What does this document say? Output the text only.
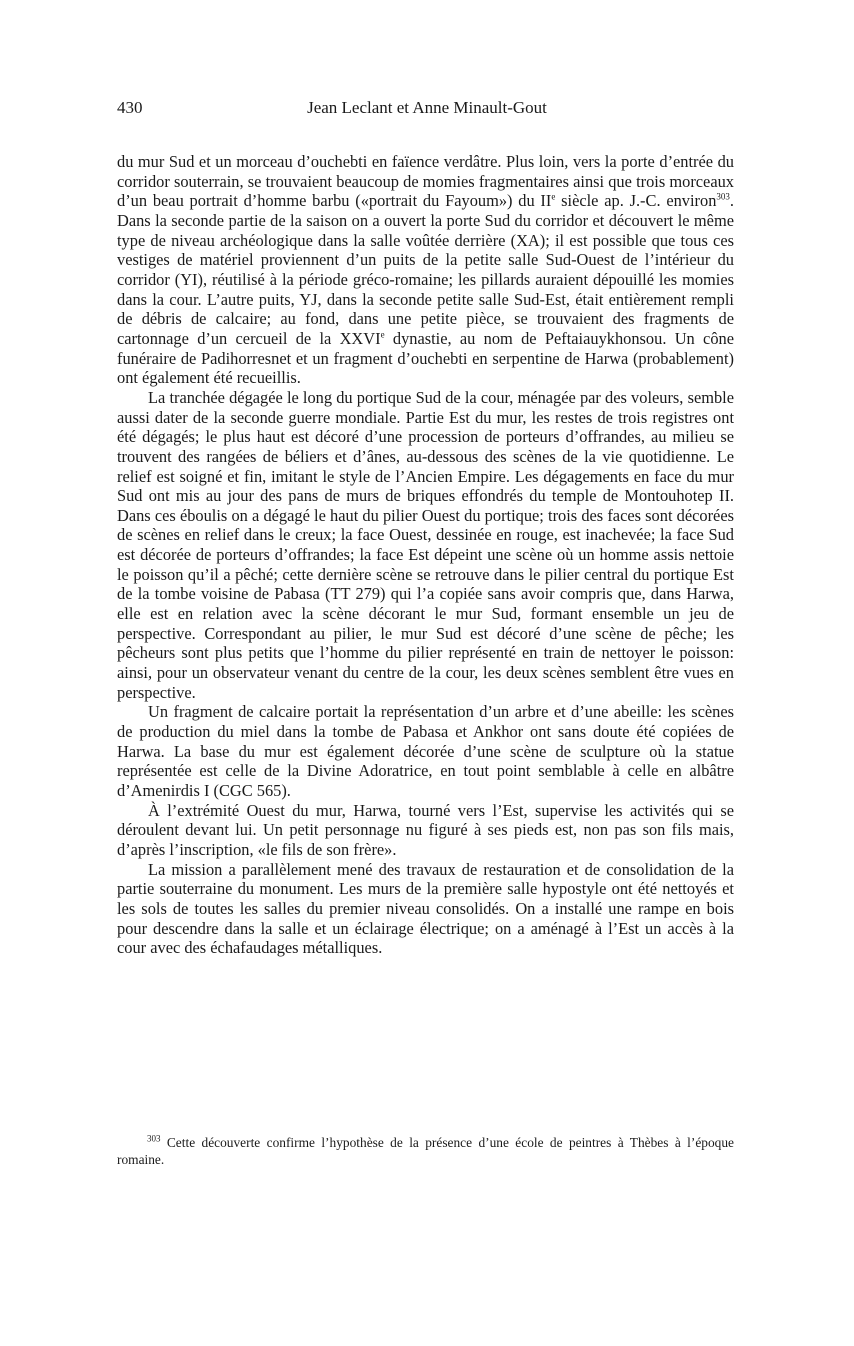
430	Jean Leclant et Anne Minault-Gout

du mur Sud et un morceau d’ouchebti en faïence verdâtre. Plus loin, vers la porte d’entrée du corridor souterrain, se trouvaient beaucoup de momies fragmentaires ainsi que trois morceaux d’un beau portrait d’homme barbu («portrait du Fayoum») du IIe siècle ap. J.-C. environ$^{303}$. Dans la seconde partie de la saison on a ouvert la porte Sud du corridor et découvert le même type de niveau archéologique dans la salle voûtée derrière (XA); il est possible que tous ces vestiges de matériel proviennent d’un puits de la petite salle Sud-Ouest de l’intérieur du corridor (YI), réutilisé à la période gréco-romaine; les pillards auraient dépouillé les momies dans la cour. L’autre puits, YJ, dans la seconde petite salle Sud-Est, était entièrement rempli de débris de calcaire; au fond, dans une petite pièce, se trouvaient des fragments de cartonnage d’un cercueil de la XXVIe dynastie, au nom de Peftaiauykhonsou. Un cône funéraire de Padihorresnet et un fragment d’ouchebti en serpentine de Harwa (probablement) ont également été recueillis.

La tranchée dégagée le long du portique Sud de la cour, ménagée par des voleurs, semble aussi dater de la seconde guerre mondiale. Partie Est du mur, les restes de trois registres ont été dégagés; le plus haut est décoré d’une procession de porteurs d’offrandes, au milieu se trouvent des rangées de béliers et d’ânes, au-dessous des scènes de la vie quotidienne. Le relief est soigné et fin, imitant le style de l’Ancien Empire. Les dégagements en face du mur Sud ont mis au jour des pans de murs de briques effondrés du temple de Montouhotep II. Dans ces éboulis on a dégagé le haut du pilier Ouest du portique; trois des faces sont décorées de scènes en relief dans le creux; la face Ouest, dessinée en rouge, est inachevée; la face Sud est décorée de porteurs d’offrandes; la face Est dépeint une scène où un homme assis nettoie le poisson qu’il a pêché; cette dernière scène se retrouve dans le pilier central du portique Est de la tombe voisine de Pabasa (TT 279) qui l’a copiée sans avoir compris que, dans Harwa, elle est en relation avec la scène décorant le mur Sud, formant ensemble un jeu de perspective. Correspondant au pilier, le mur Sud est décoré d’une scène de pêche; les pêcheurs sont plus petits que l’homme du pilier représenté en train de nettoyer le poisson: ainsi, pour un observateur venant du centre de la cour, les deux scènes semblent être vues en perspective.

Un fragment de calcaire portait la représentation d’un arbre et d’une abeille: les scènes de production du miel dans la tombe de Pabasa et Ankhor ont sans doute été copiées de Harwa. La base du mur est également décorée d’une scène de sculpture où la statue représentée est celle de la Divine Adoratrice, en tout point semblable à celle en albâtre d’Amenirdis I (CGC 565).

À l’extrémité Ouest du mur, Harwa, tourné vers l’Est, supervise les activités qui se déroulent devant lui. Un petit personnage nu figuré à ses pieds est, non pas son fils mais, d’après l’inscription, «le fils de son frère».

La mission a parallèlement mené des travaux de restauration et de consolidation de la partie souterraine du monument. Les murs de la première salle hypostyle ont été nettoyés et les sols de toutes les salles du premier niveau consolidés. On a installé une rampe en bois pour descendre dans la salle et un éclairage électrique; on a aménagé à l’Est un accès à la cour avec des échafaudages métalliques.

$^{303}$ Cette découverte confirme l’hypothèse de la présence d’une école de peintres à Thèbes à l’époque romaine.
